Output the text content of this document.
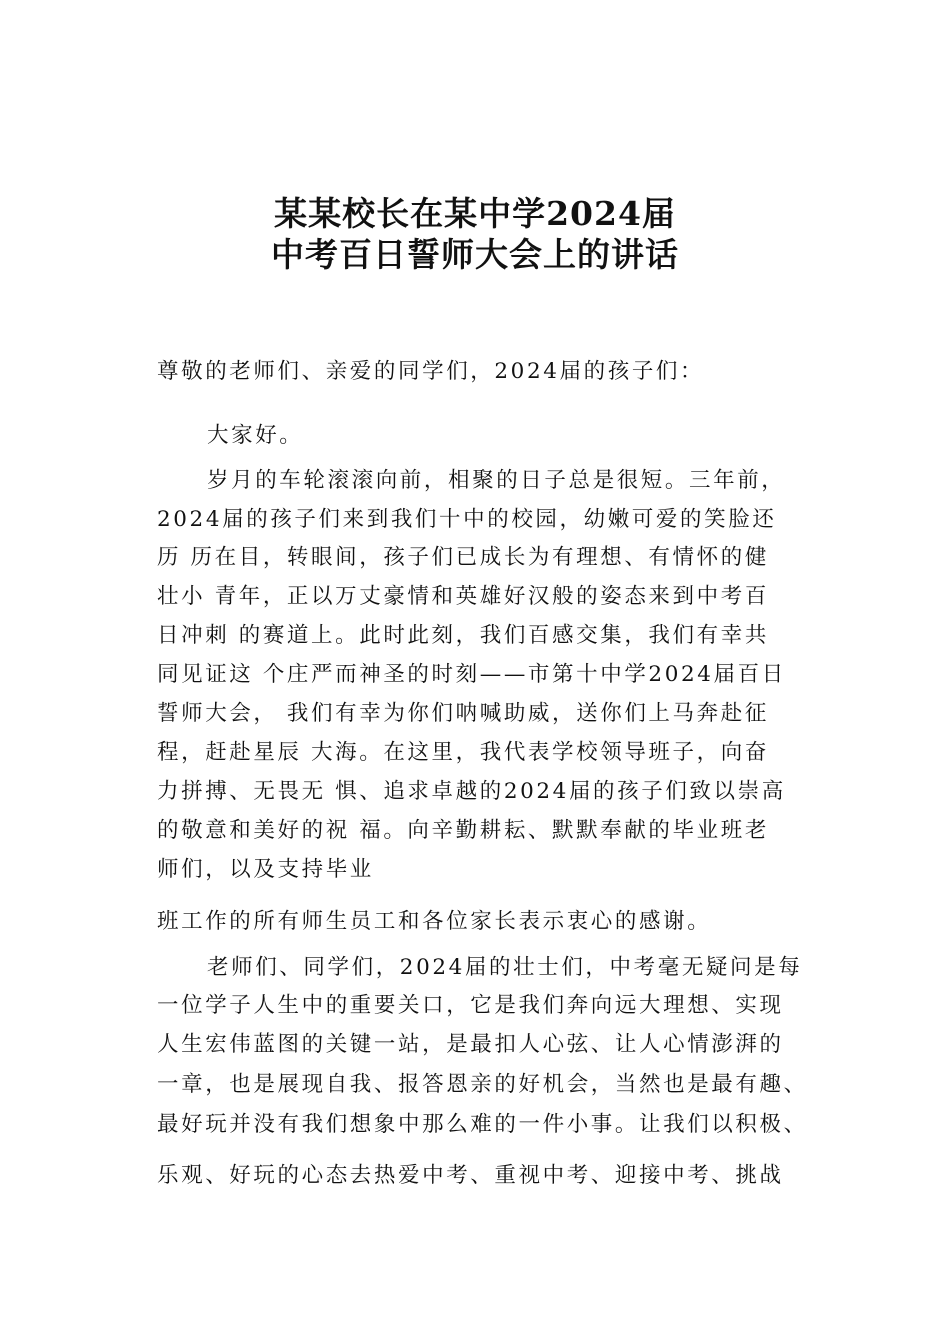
某某校长在某中学2024届
中考百日誓师大会上的讲话
尊敬的老师们、亲爱的同学们，2024届的孩子们：
大家好。
岁月的车轮滚滚向前，相聚的日子总是很短。三年前，
2024届的孩子们来到我们十中的校园，幼嫩可爱的笑脸还
历 历在目，转眼间，孩子们已成长为有理想、有情怀的健
壮小 青年，正以万丈豪情和英雄好汉般的姿态来到中考百
日冲刺 的赛道上。此时此刻，我们百感交集，我们有幸共
同见证这 个庄严而神圣的时刻——市第十中学2024届百日
誓师大会， 我们有幸为你们呐喊助威，送你们上马奔赴征
程，赶赴星辰 大海。在这里，我代表学校领导班子，向奋
力拼搏、无畏无 惧、追求卓越的2024届的孩子们致以崇高
的敬意和美好的祝 福。向辛勤耕耘、默默奉献的毕业班老
师们，以及支持毕业
班工作的所有师生员工和各位家长表示衷心的感谢。
老师们、同学们，2024届的壮士们，中考毫无疑问是每
一位学子人生中的重要关口，它是我们奔向远大理想、实现
人生宏伟蓝图的关键一站，是最扣人心弦、让人心情澎湃的
一章，也是展现自我、报答恩亲的好机会，当然也是最有趣、
最好玩并没有我们想象中那么难的一件小事。让我们以积极、
乐观、好玩的心态去热爱中考、重视中考、迎接中考、挑战
